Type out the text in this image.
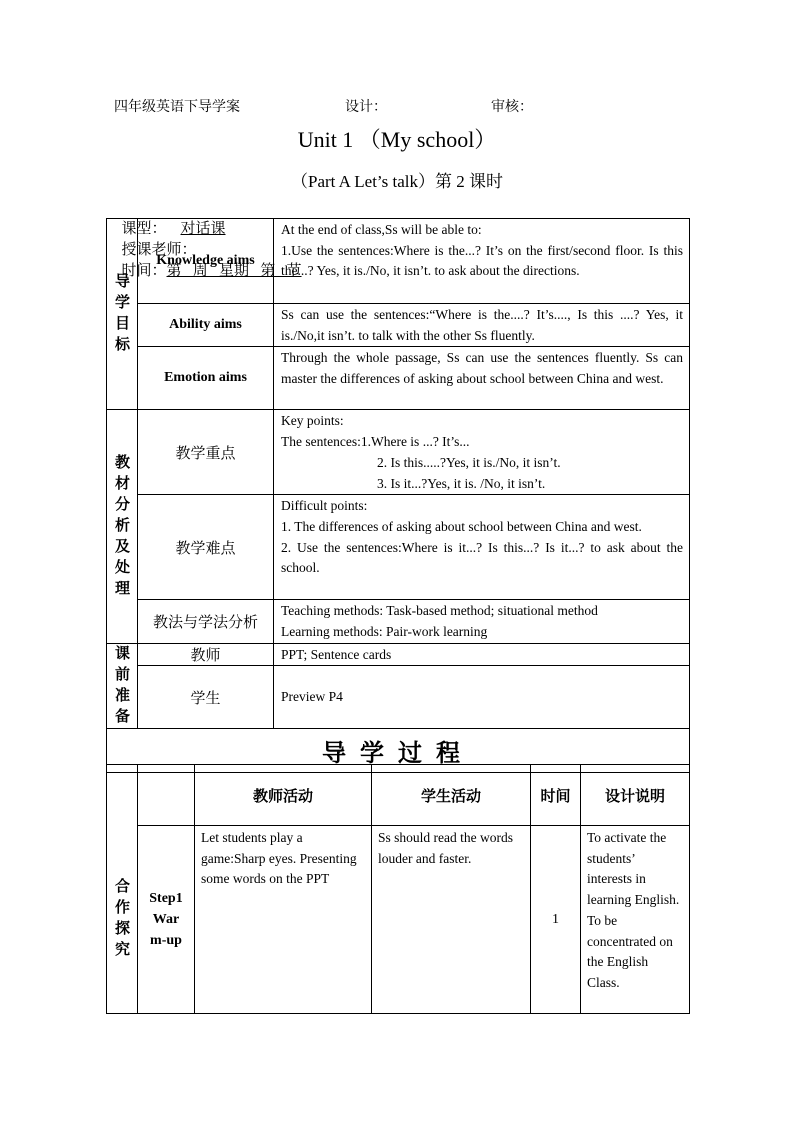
四年级英语下导学案	设计：	审核：
Unit 1 （My school）
（Part A Let’s talk）第 2 课时

课型： 对话课
授课老师：
时间：第   周   星期   第   节

导学目标	Knowledge aims	At the end of class,Ss will be able to:
1.Use the sentences:Where is the...? It’s on the first/second floor. Is this the...? Yes, it is./No, it isn’t. to ask about the directions.

	Ability aims	Ss can use the sentences:“Where is the....? It’s...., Is this ....? Yes, it is./No,it isn’t. to talk with the other Ss fluently.

	Emotion aims	Through the whole passage, Ss can use the sentences fluently. Ss can master the differences of asking about school between China and west.

教材分析及处理	教学重点	Key points:
The sentences:1.Where is ...? It’s...
2. Is this.....?Yes, it is./No, it isn’t.
3. Is it...?Yes, it is. /No, it isn’t.

	教学难点	Difficult points:
1. The differences of asking about school between China and west.
2. Use the sentences:Where is it...? Is this...? Is it...? to ask about the school.

	教法与学法分析	Teaching methods: Task-based method; situational method
Learning methods: Pair-work learning

课前准备	教师	PPT; Sentence cards
	学生	Preview P4
导学过程		
合作探究		教师活动	学生活动	时间	设计说明

	Step1 Warm-up	Let students play a game:Sharp eyes. Presenting some words on the PPT	Ss should read the words louder and faster.	1	To activate the students’ interests in learning English. To be concentrated on the English Class.
